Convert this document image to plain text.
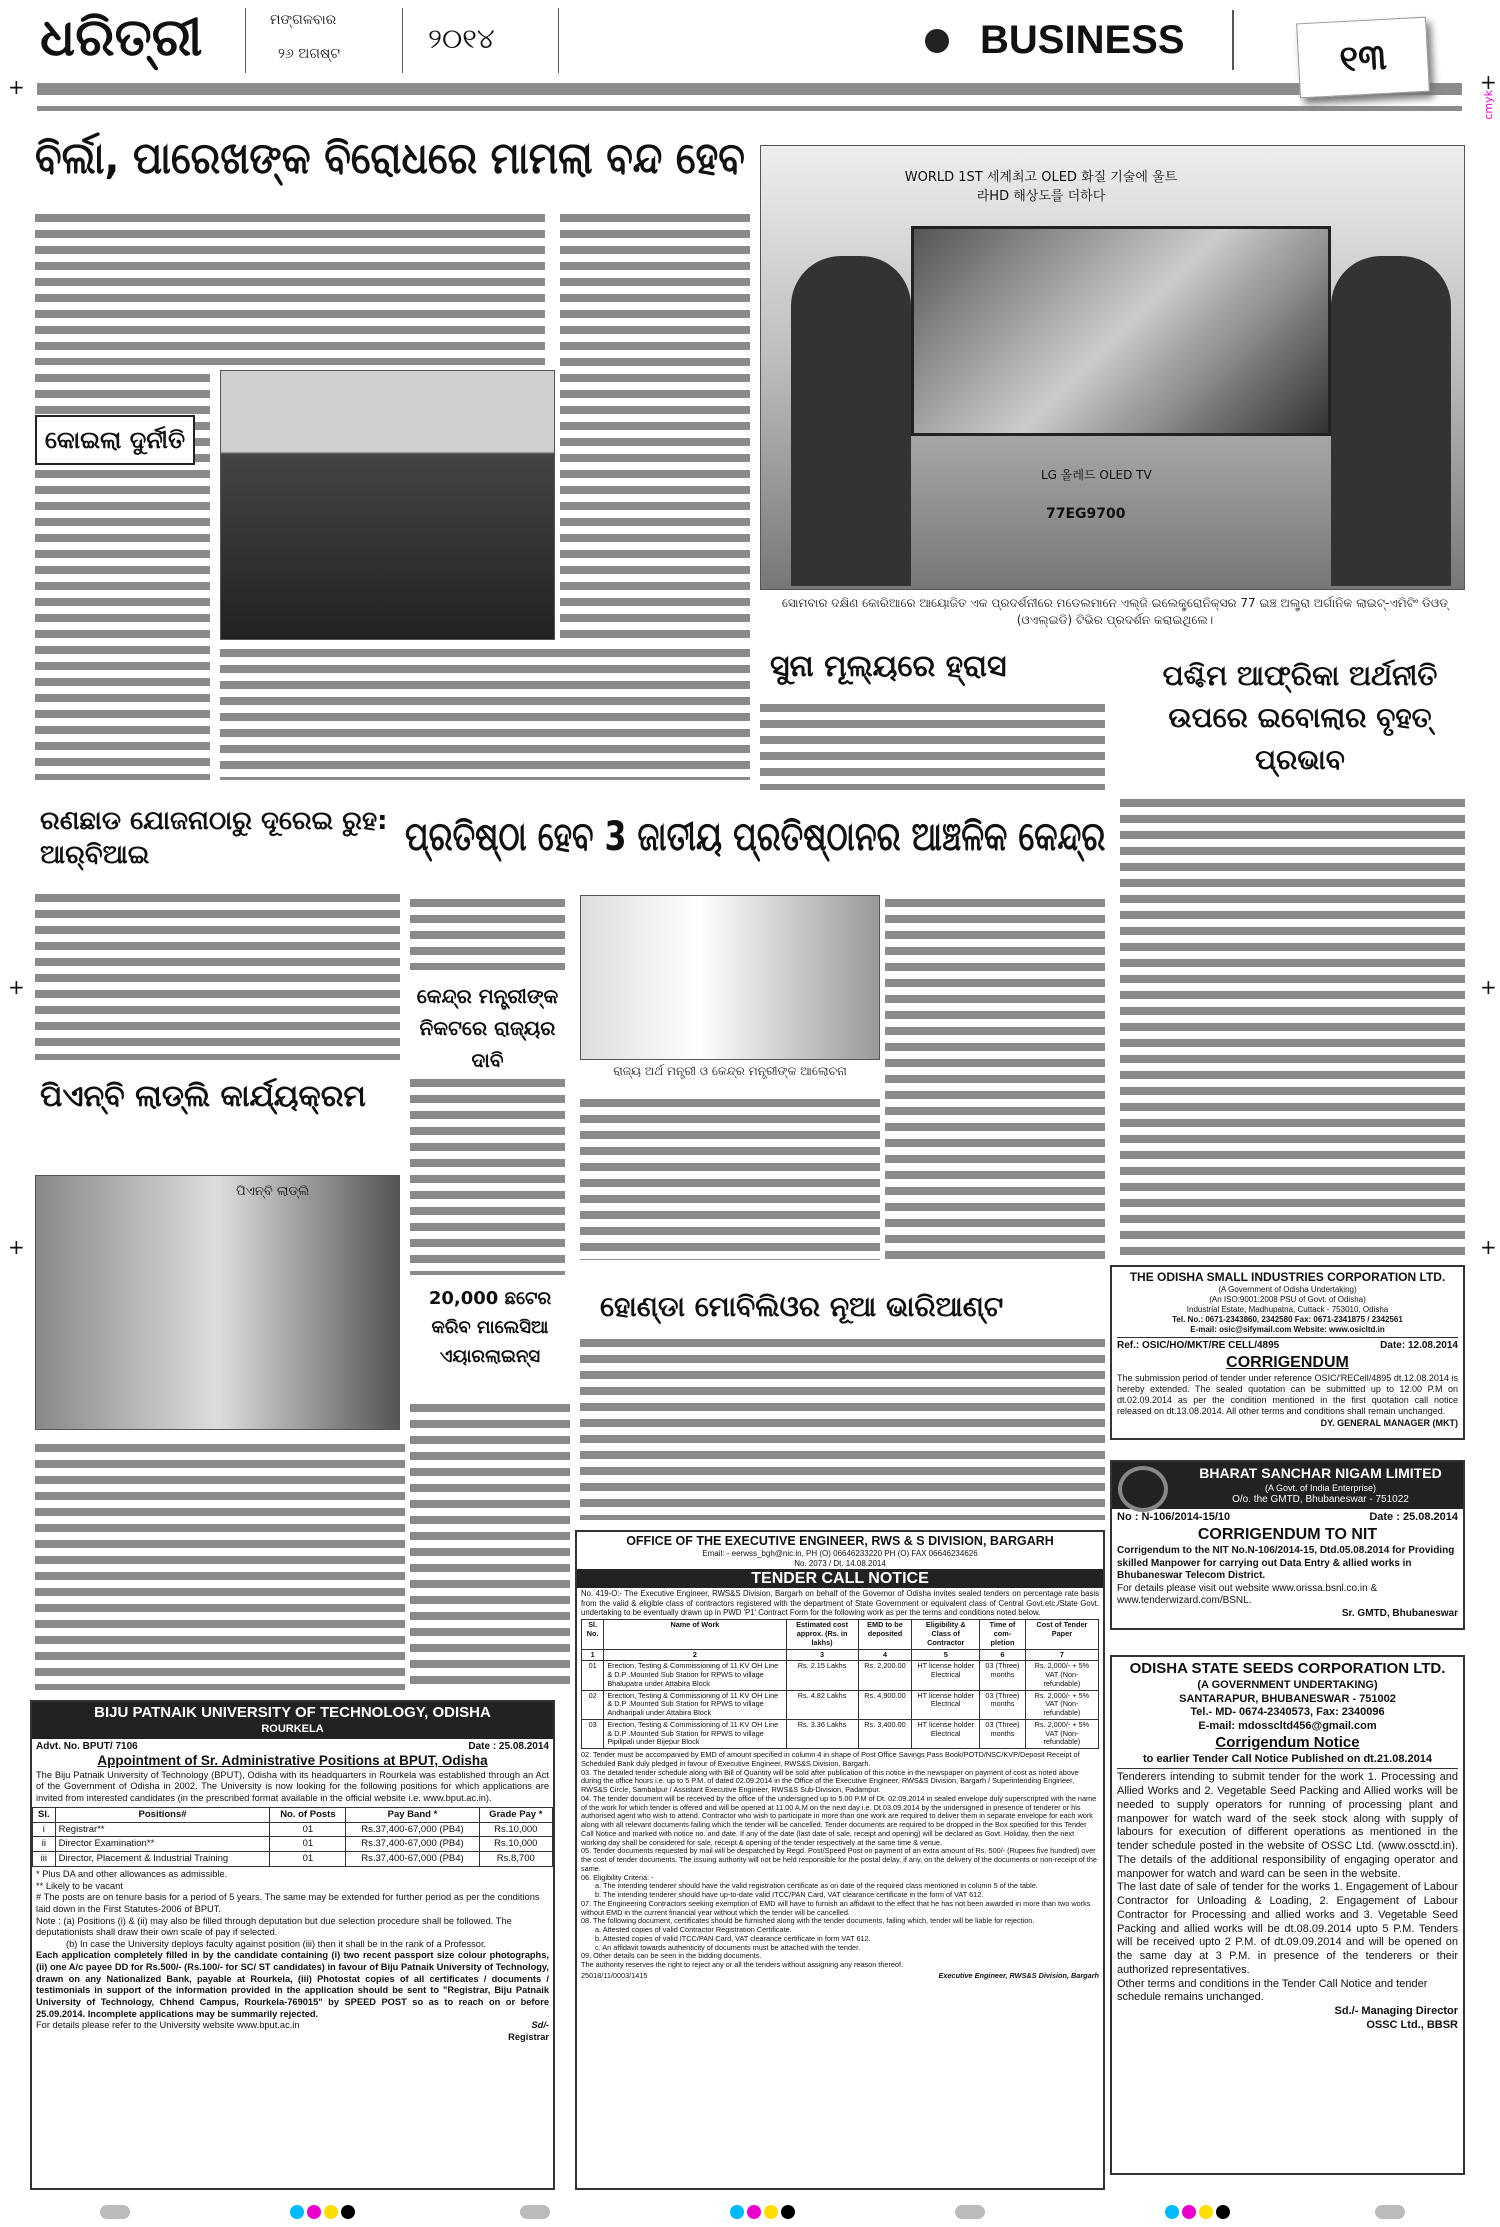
ଧରିତ୍ରୀ	ମଙ୍ଗଳବାର
୨୬ ଅଗଷ୍ଟ	୨୦୧୪	BUSINESS	୧୩
cmyk
ବିର୍ଲା, ପାରେଖଙ୍କ ବିରୋଧରେ ମାମଲା ବନ୍ଦ ହେବ
କୋଇଲା ଦୁର୍ନୀତି
WORLD 1ST 세계최고 OLED 화질 기술에 울트라HD 해상도를 더하다
LG 올레드 OLED TV
77EG9700
ସୋମବାର ଦକ୍ଷିଣ କୋରିଆରେ ଆୟୋଜିତ ଏକ ପ୍ରଦର୍ଶନୀରେ ମଡେଲମାନେ ଏଲ୍‌ଜି ଇଲେକ୍ଟ୍ରୋନିକ୍ସର 77 ଇଞ୍ଚ ଅଲ୍ଟ୍ରା ଅର୍ଗାନିକ ଲାଇଟ୍-ଏମିଟିଂ ଡିଓଡ୍ (ଓଏଲ୍‌ଇଡି) ଟିଭିର ପ୍ରଦର୍ଶନ କରାଇଥିଲେ।
ସୁନା ମୂଲ୍ୟରେ ହ୍ରାସ	ପଶ୍ଚିମ ଆଫ୍ରିକା ଅର୍ଥନୀତି ଉପରେ ଇବୋଲାର ବୃହତ୍ ପ୍ରଭାବ
ରଣଛାଡ ଯୋଜନାଠାରୁ ଦୂରେଇ ରୁହ: ଆର୍‌ବିଆଇ	ପ୍ରତିଷ୍ଠା ହେବ 3 ଜାତୀୟ ପ୍ରତିଷ୍ଠାନର ଆଞ୍ଚଳିକ କେନ୍ଦ୍ର
କେନ୍ଦ୍ର ମନ୍ତ୍ରୀଙ୍କ ନିକଟରେ ରାଜ୍ୟର ଦାବି	ରାଜ୍ୟ ଅର୍ଥ ମନ୍ତ୍ରୀ ଓ କେନ୍ଦ୍ର ମନ୍ତ୍ରୀଙ୍କ ଆଲୋଚନା
ପିଏନ୍‌ବି ଲାଡ୍‌ଲି କାର୍ଯ୍ୟକ୍ରମ
ପିଏନ୍‌ବି ଲାଡ୍‌ଲି
20,000 ଛଟେର କରିବ ମାଲେସିଆ ଏୟାରଲାଇନ୍ସ
ହୋଣ୍ଡା ମୋବିଲିଓର ନୂଆ ଭାରିଆଣ୍ଟ
THE ODISHA SMALL INDUSTRIES CORPORATION LTD.
(A Government of Odisha Undertaking)
(An ISO:9001:2008 PSU of Govt. of Odisha)
Industrial Estate, Madhupatna, Cuttack - 753010, Odisha
Tel. No.: 0671-2343860, 2342580 Fax: 0671-2341875 / 2342561
E-mail: osic@sifymail.com Website: www.osicltd.in
Ref.: OSIC/HO/MKT/RE CELL/4895	Date: 12.08.2014
CORRIGENDUM
The submission period of tender under reference OSIC/'RECell/4895 dt.12.08.2014 is hereby extended. The sealed quotation can be submitted up to 12.00 P.M on dt.02.09.2014 as per the condition mentioned in the first quotation call notice released on dt.13.08.2014. All other terms and conditions shall remain unchanged.
DY. GENERAL MANAGER (MKT)
BHARAT SANCHAR NIGAM LIMITED
(A Govt. of India Enterprise)
O/o. the GMTD, Bhubaneswar - 751022
No : N-106/2014-15/10	Date : 25.08.2014
CORRIGENDUM TO NIT
Corrigendum to the NIT No.N-106/2014-15, Dtd.05.08.2014 for Providing skilled Manpower for carrying out Data Entry & allied works in Bhubaneswar Telecom District.
For details please visit out website www.orissa.bsnl.co.in & www.tenderwizard.com/BSNL.
Sr. GMTD, Bhubaneswar
ODISHA STATE SEEDS CORPORATION LTD.
(A GOVERNMENT UNDERTAKING)
SANTARAPUR, BHUBANESWAR - 751002
Tel.- MD- 0674-2340573, Fax: 2340096
E-mail: mdosscltd456@gmail.com
Corrigendum Notice
to earlier Tender Call Notice Published on dt.21.08.2014
Tenderers intending to submit tender for the work 1. Processing and Allied Works and 2. Vegetable Seed Packing and Allied works will be needed to supply operators for running of processing plant and manpower for watch ward of the seek stock along with supply of labours for execution of different operations as mentioned in the tender schedule posted in the website of OSSC Ltd. (www.ossctd.in). The details of the additional responsibility of engaging operator and manpower for watch and ward can be seen in the website.
The last date of sale of tender for the works 1. Engagement of Labour Contractor for Unloading & Loading, 2. Engagement of Labour Contractor for Processing and allied works and 3. Vegetable Seed Packing and allied works will be dt.08.09.2014 upto 5 P.M. Tenders will be received upto 2 P.M. of dt.09.09.2014 and will be opened on the same day at 3 P.M. in presence of the tenderers or their authorized representatives.
Other terms and conditions in the Tender Call Notice and tender schedule remains unchanged.
Sd./- Managing Director
OSSC Ltd., BBSR
OFFICE OF THE EXECUTIVE ENGINEER, RWS & S DIVISION, BARGARH
Email: - eerwss_bgh@nic.in, PH (O) 06646233220 PH (O) FAX 06646234626
No. 2073 / Dt. 14.08.2014
TENDER CALL NOTICE
No. 419-O:- The Executive Engineer, RWS&S Division, Bargarh on behalf of the Governor of Odisha invites sealed tenders on percentage rate basis from the valid & eligible class of contractors registered with the department of State Government or equivalent class of Central Govt.etc./State Govt. undertaking to be eventually drawn up in PWD 'P1' Contract Form for the following work as per the terms and conditions noted below.
Sl. No.	Name of Work	Estimated cost approx. (Rs. in lakhs)	EMD to be deposited	Eligibility & Class of Contractor	Time of com-pletion	Cost of Tender Paper
1	2	3	4	5	6	7
01	Erection, Testing & Commissioning of 11 KV OH Line & D.P .Mounted Sub Station for RPWS to village Bhalupatra under Attabira Block	Rs. 2.15 Lakhs	Rs. 2,200.00	HT license holder Electrical	03 (Three) months	Rs. 2,000/- + 5% VAT (Non-refundable)
02	Erection, Testing & Commissioning of 11 KV OH Line & D.P .Mounted Sub Station for RPWS to village Andharipali under Attabira Block	Rs. 4.82 Lakhs	Rs. 4,900.00	HT license holder Electrical	03 (Three) months	Rs. 2,000/- + 5% VAT (Non-refundable)
03	Erection, Testing & Commissioning of 11 KV OH Line & D.P .Mounted Sub Station for RPWS to village Pipilipali under Bijepur Block	Rs. 3.36 Lakhs	Rs. 3,400.00	HT license holder Electrical	03 (Three) months	Rs. 2,000/- + 5% VAT (Non-refundable)
02. Tender must be accompanied by EMD of amount specified in column 4 in shape of Post Office Savings Pass Book/POTD/NSC/KVP/Deposit Receipt of Scheduled Bank duly pledged in favour of Executive Engineer, RWS&S Division, Bargarh.
03. The detailed tender schedule along with Bill of Quantity will be sold after publication of this notice in the newspaper on payment of cost as noted above during the office hours i.e. up to 5 P.M. of dated 02.09.2014 in the Office of the Executive Engineer, RWS&S Division, Bargarh / Superintending Engineer, RWS&S Circle, Sambalpur / Assistant Executive Engineer, RWS&S Sub-Division, Padampur.
04. The tender document will be received by the office of the undersigned up to 5.00 P.M of Dt. 02.09.2014 in sealed envelope duly superscripted with the name of the work for which tender is offered and will be opened at 11.00 A.M on the next day i.e. Dt.03.09.2014 by the undersigned in presence of tenderer or his authorised agent who wish to attend. Contractor who wish to participate in more than one work are required to deliver them in separate envelope for each work along with all relevant documents failing which the tender will be cancelled. Tender documents are required to be dropped in the Box specified for this Tender Call Notice and marked with notice no. and date. If any of the date (last date of sale, receipt and opening) will be declared as Govt. Holiday, then the next working day shall be considered for sale, receipt & opening of the tender respectively at the same time & venue.
05. Tender documents requested by mail will be despatched by Regd. Post/Speed Post on payment of an extra amount of Rs. 500/- (Rupees five hundred) over the cost of tender documents. The issuing authority will not be held responsible for the postal delay, if any, on the delivery of the documents or non-receipt of the same.
06. Eligibility Criteria: -
a. The intending tenderer should have the valid registration certificate as on date of the required class mentioned in column 5 of the table.
b. The intending tenderer should have up-to-date valid ITCC/PAN Card, VAT clearance certificate in the form of VAT 612.
07. The Engineering Contractors seeking exemption of EMD will have to furnish an affidavit to the effect that he has not been awarded in more than two works without EMD in the current financial year without which the tender will be cancelled.
08. The following document, certificates should be furnished along with the tender documents, failing which, tender will be liable for rejection.
a. Attested copies of valid Contractor Registration Certificate.
b. Attested copies of valid ITCC/PAN Card, VAT clearance certificate in form VAT 612.
c. An affidavit towards authenticity of documents must be attached with the tender.
09. Other details can be seen in the bidding documents.
The authority reserves the right to reject any or all the tenders without assigning any reason thereof.
25018/11/0003/1415	Executive Engineer, RWS&S Division, Bargarh
BIJU PATNAIK UNIVERSITY OF TECHNOLOGY, ODISHA
ROURKELA
Advt. No. BPUT/ 7106	Date : 25.08.2014
Appointment of Sr. Administrative Positions at BPUT, Odisha
The Biju Patnaik University of Technology (BPUT), Odisha with its headquarters in Rourkela was established through an Act of the Government of Odisha in 2002. The University is now looking for the following positions for which applications are invited from interested candidates (in the prescribed format available in the official website i.e. www.bput.ac.in).
Sl.	Positions#	No. of Posts	Pay Band *	Grade Pay *
i	Registrar**	01	Rs.37,400-67,000 (PB4)	Rs.10,000
ii	Director Examination**	01	Rs.37,400-67,000 (PB4)	Rs.10,000
iii	Director, Placement & Industrial Training	01	Rs.37,400-67,000 (PB4)	Rs.8,700
* Plus DA and other allowances as admissible.
** Likely to be vacant
# The posts are on tenure basis for a period of 5 years. The same may be extended for further period as per the conditions laid down in the First Statutes-2006 of BPUT.
Note : (a) Positions (i) & (ii) may also be filled through deputation but due selection procedure shall be followed. The deputationists shall draw their own scale of pay if selected.
(b) In case the University deploys faculty against position (iii) then it shall be in the rank of a Professor.
Each application completely filled in by the candidate containing (i) two recent passport size colour photographs, (ii) one A/c payee DD for Rs.500/- (Rs.100/- for SC/ ST candidates) in favour of Biju Patnaik University of Technology, drawn on any Nationalized Bank, payable at Rourkela, (iii) Photostat copies of all certificates / documents / testimonials in support of the information provided in the application should be sent to "Registrar, Biju Patnaik University of Technology, Chhend Campus, Rourkela-769015" by SPEED POST so as to reach on or before 25.09.2014. Incomplete applications may be summarily rejected.
For details please refer to the University website www.bput.ac.in	Sd/-
Registrar
+	+
+	+
+	+
